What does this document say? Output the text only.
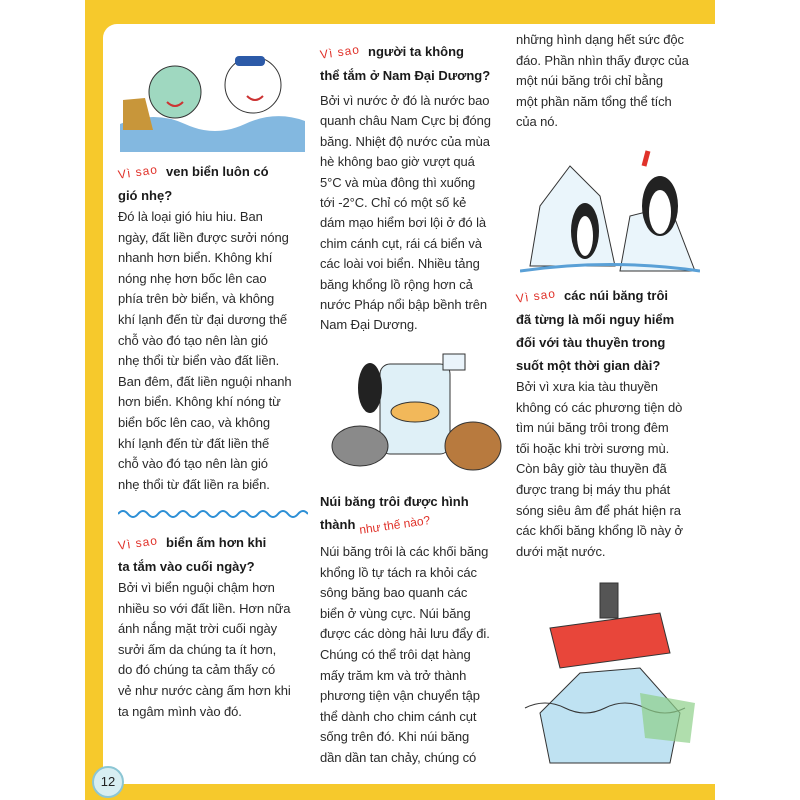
Vì sao ven biển luôn có
gió nhẹ?
Đó là loại gió hiu hiu. Ban
ngày, đất liền được sưởi nóng
nhanh hơn biển. Không khí
nóng nhẹ hơn bốc lên cao
phía trên bờ biển, và không
khí lạnh đến từ đại dương thế
chỗ vào đó tạo nên làn gió
nhẹ thổi từ biển vào đất liền.
Ban đêm, đất liền nguội nhanh
hơn biển. Không khí nóng từ
biển bốc lên cao, và không
khí lạnh đến từ đất liền thế
chỗ vào đó tạo nên làn gió
nhẹ thổi từ đất liền ra biển.
Vì sao biển ấm hơn khi
ta tắm vào cuối ngày?
Bởi vì biển nguội chậm hơn
nhiều so với đất liền. Hơn nữa
ánh nắng mặt trời cuối ngày
sưởi ấm da chúng ta ít hơn,
do đó chúng ta cảm thấy có
vẻ như nước càng ấm hơn khi
ta ngâm mình vào đó.
Vì sao người ta không
thể tắm ở Nam Đại Dương?
Bởi vì nước ở đó là nước bao
quanh châu Nam Cực bị đóng
băng. Nhiệt độ nước của mùa
hè không bao giờ vượt quá
5°C và mùa đông thì xuống
tới -2°C. Chỉ có một số kẻ
dám mạo hiểm bơi lội ở đó là
chim cánh cụt, rái cá biển và
các loài voi biển. Nhiều tảng
băng khổng lồ rộng hơn cả
nước Pháp nổi bập bềnh trên
Nam Đại Dương.
Núi băng trôi được hình
thành như thế nào?
Núi băng trôi là các khối băng
khổng lồ tự tách ra khỏi các
sông băng bao quanh các
biển ở vùng cực. Núi băng
được các dòng hải lưu đẩy đi.
Chúng có thể trôi dạt hàng
mấy trăm km và trở thành
phương tiện vận chuyển tập
thể dành cho chim cánh cụt
sống trên đó. Khi núi băng
dần dần tan chảy, chúng có
những hình dạng hết sức độc
đáo. Phần nhìn thấy được của
một núi băng trôi chỉ bằng
một phần năm tổng thể tích
của nó.
Vì sao các núi băng trôi
đã từng là mối nguy hiểm
đối với tàu thuyền trong
suốt một thời gian dài?
Bởi vì xưa kia tàu thuyền
không có các phương tiện dò
tìm núi băng trôi trong đêm
tối hoặc khi trời sương mù.
Còn bây giờ tàu thuyền đã
được trang bị máy thu phát
sóng siêu âm để phát hiện ra
các khối băng khổng lồ này ở
dưới mặt nước.
12
